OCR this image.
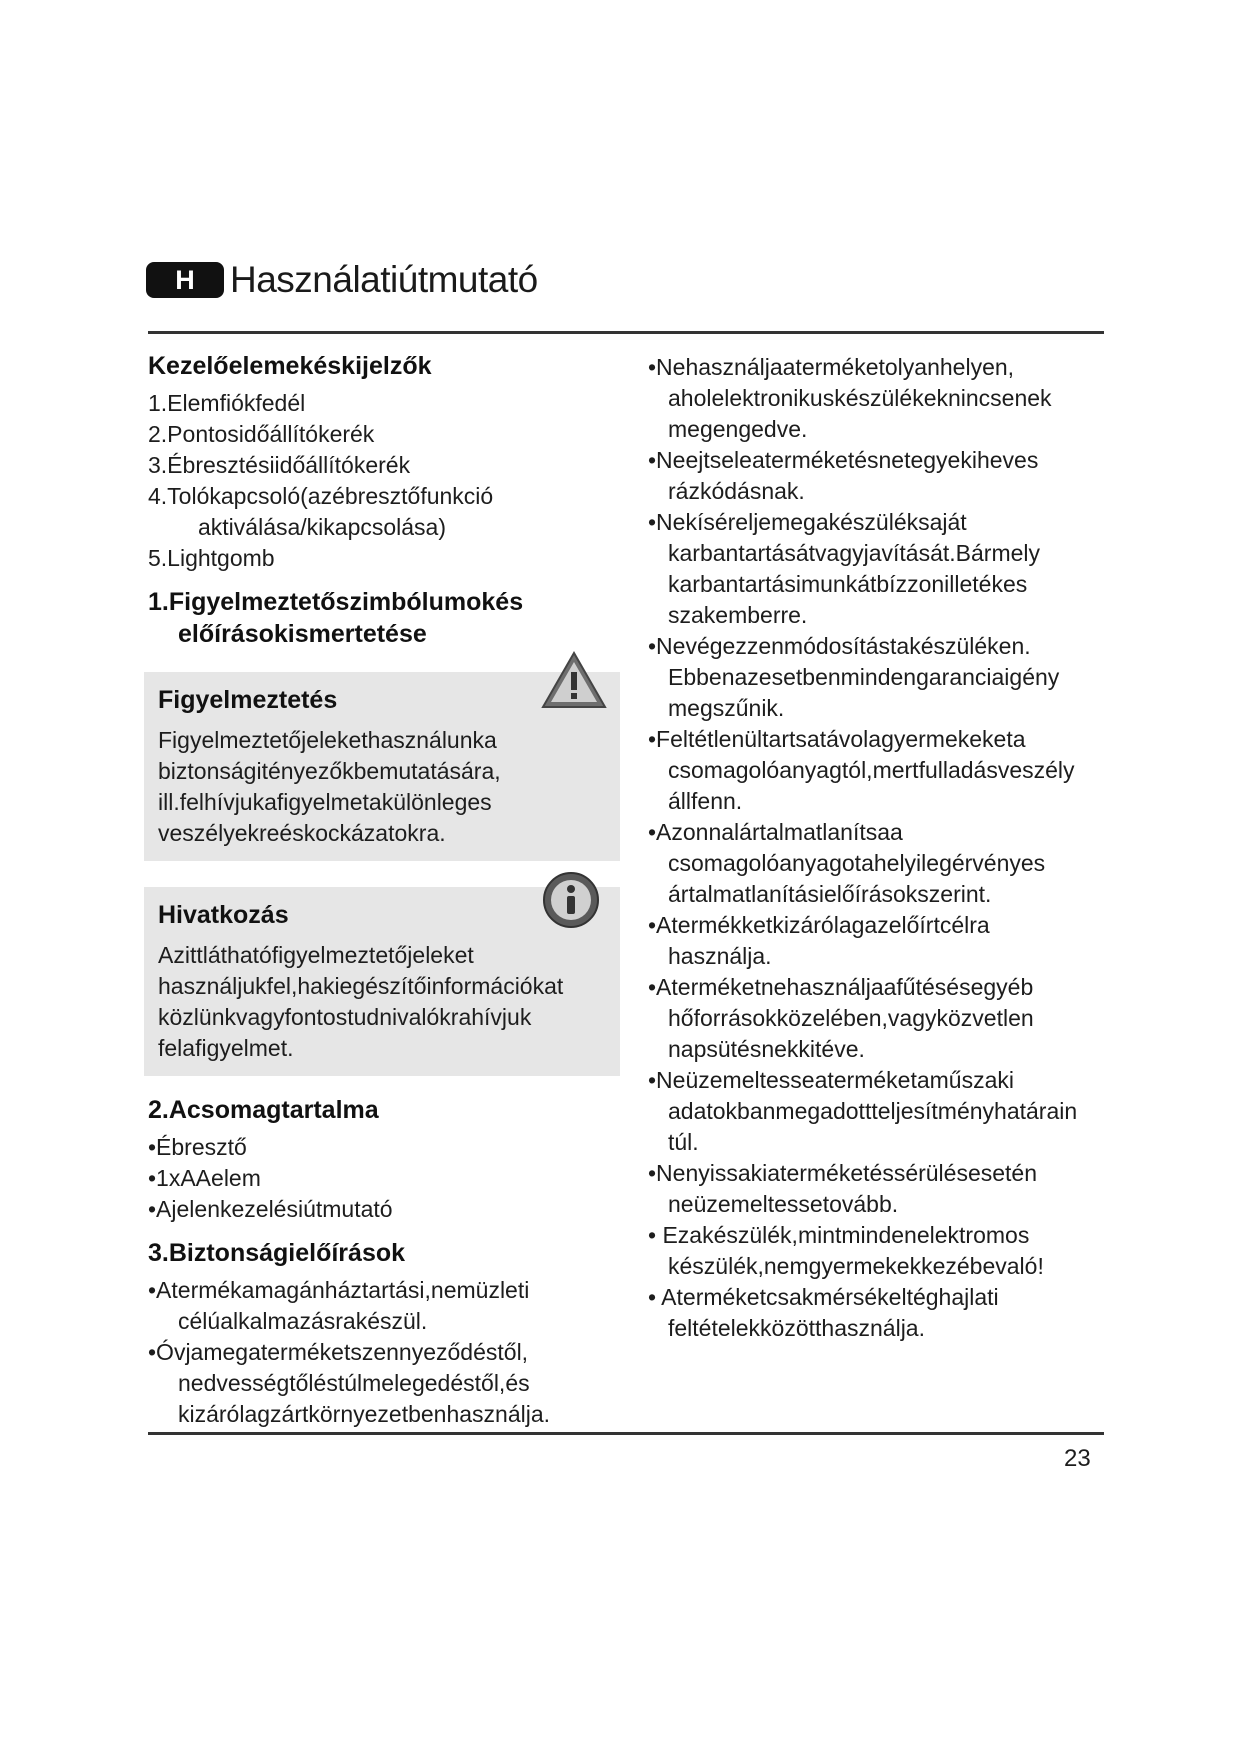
H Használatiútmutató
Kezelőelemekéskijelzők
1.Elemfiókfedél
2.Pontosidőállítókerék
3.Ébresztésiidőállítókerék
4.Tolókapcsoló(azébresztőfunkció
aktiválása/kikapcsolása)
5.Lightgomb
1.Figyelmeztetőszimbólumokés
előírásokismertetése
Figyelmeztetés

Figyelmeztetőjelekethasználunka

biztonságitényezőkbemutatására,

ill.felhívjukafigyelmetakülönleges

veszélyekreéskockázatokra.

Hivatkozás

Azittláthatófigyelmeztetőjeleket

használjukfel,hakiegészítőinformációkat

közlünkvagyfontostudnivalókrahívjuk

felafigyelmet.

2.Acsomagtartalma
•Ébresztő
•1xAAelem
•Ajelenkezelésiútmutató
3.Biztonságielőírások
•Atermékamagánháztartási,nemüzleti
célúalkalmazásrakészül.
•Óvjamegaterméketszennyeződéstől,
nedvességtőléstúlmelegedéstől,és
kizárólagzártkörnyezetbenhasználja.
•Nehasználjaaterméketolyanhelyen,
aholelektronikuskészülékekninсsenek
megengedve.
•Neejtseleaterméketésnetegyekiheves
rázkódásnak.
•Nekíséreljemegakészüléksaját
karbantartásátvagyjavítását.Bármely
karbantartásimunkátbízzonilletékes
szakemberre.
•Nevégezzenmódosítástakészüléken.
Ebbenazesetbenmindengaranciaigény
megszűnik.
•Feltétlenültartsatávolagyermekeketa
csomagolóanyagtól,mertfulladásveszély
állfenn.
•Azonnalártalmatlanítsaa
csomagolóanyagotahelyilegérvényes
ártalmatlanításielőírásokszerint.
•Atermékketkizárólagazelőírtcélra
használja.
•Aterméketnehasználjaafűtésésegyéb
hőforrásokközelében,vagyközvetlen
napsütésnekkitéve.
•Neüzemeltesseaterméketaműszaki
adatokbanmegadottteljesítményhatárain
túl.
•Nenyissakiaterméketéssérülésesetén
neüzemeltessetovább.
• Ezakészülék,mintmindenelektromos
készülék,nemgyermekekkezébevaló!
• Aterméketcsakmérsékeltéghajlati
feltételekközötthasználja.
23
